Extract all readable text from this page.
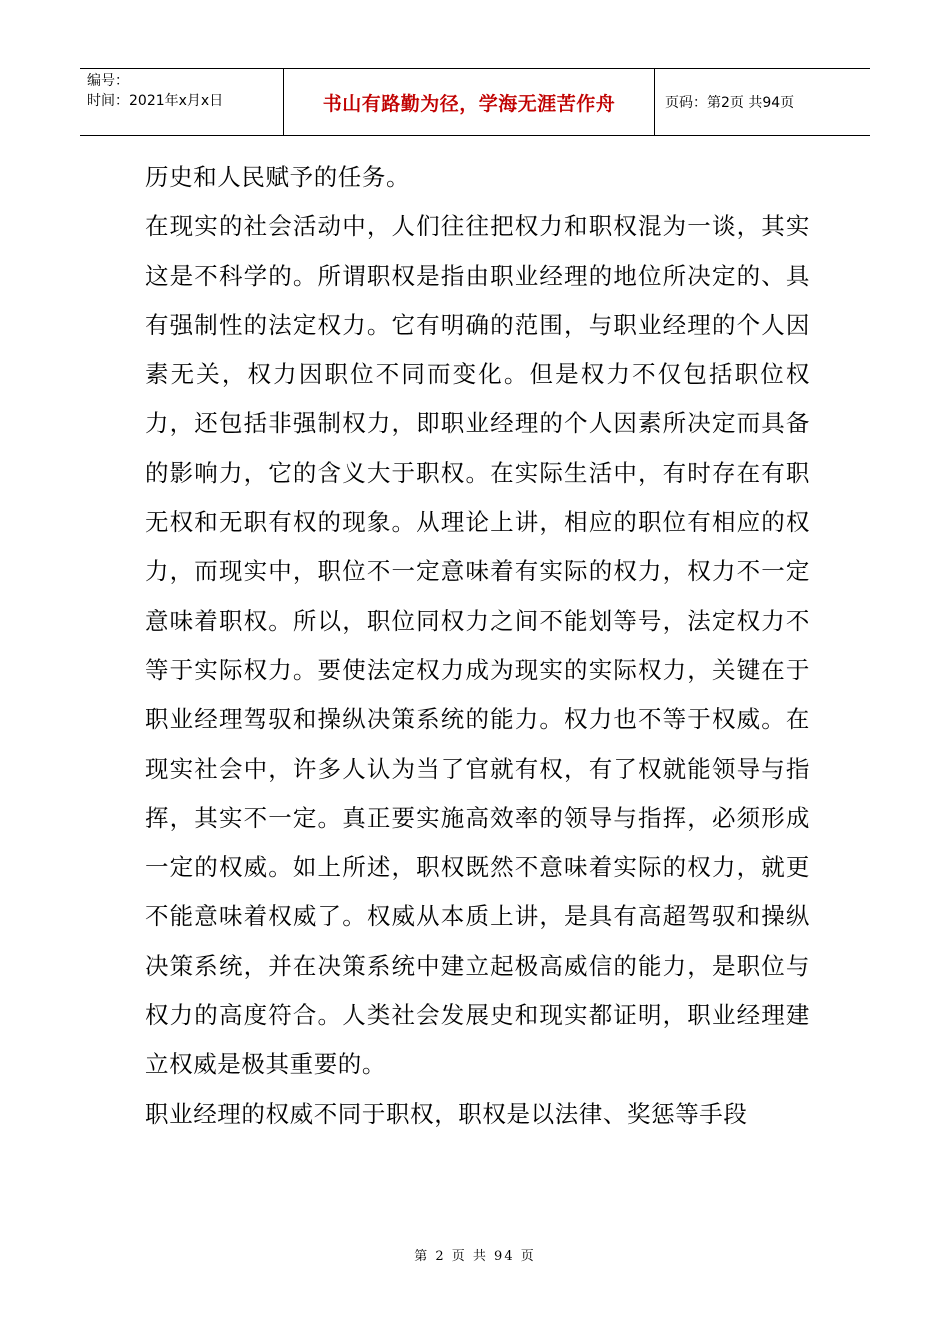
编号：
时间：2021年x月x日	书山有路勤为径，学海无涯苦作舟	页码：第2页 共94页

历史和人民赋予的任务。

在现实的社会活动中，人们往往把权力和职权混为一谈，其实这是不科学的。所谓职权是指由职业经理的地位所决定的、具有强制性的法定权力。它有明确的范围，与职业经理的个人因素无关，权力因职位不同而变化。但是权力不仅包括职位权力，还包括非强制权力，即职业经理的个人因素所决定而具备的影响力，它的含义大于职权。在实际生活中，有时存在有职无权和无职有权的现象。从理论上讲，相应的职位有相应的权力，而现实中，职位不一定意味着有实际的权力，权力不一定意味着职权。所以，职位同权力之间不能划等号，法定权力不等于实际权力。要使法定权力成为现实的实际权力，关键在于职业经理驾驭和操纵决策系统的能力。权力也不等于权威。在现实社会中，许多人认为当了官就有权，有了权就能领导与指挥，其实不一定。真正要实施高效率的领导与指挥，必须形成一定的权威。如上所述，职权既然不意味着实际的权力，就更不能意味着权威了。权威从本质上讲，是具有高超驾驭和操纵决策系统，并在决策系统中建立起极高威信的能力，是职位与权力的高度符合。人类社会发展史和现实都证明，职业经理建立权威是极其重要的。

职业经理的权威不同于职权，职权是以法律、奖惩等手段

第 2 页 共 94 页
